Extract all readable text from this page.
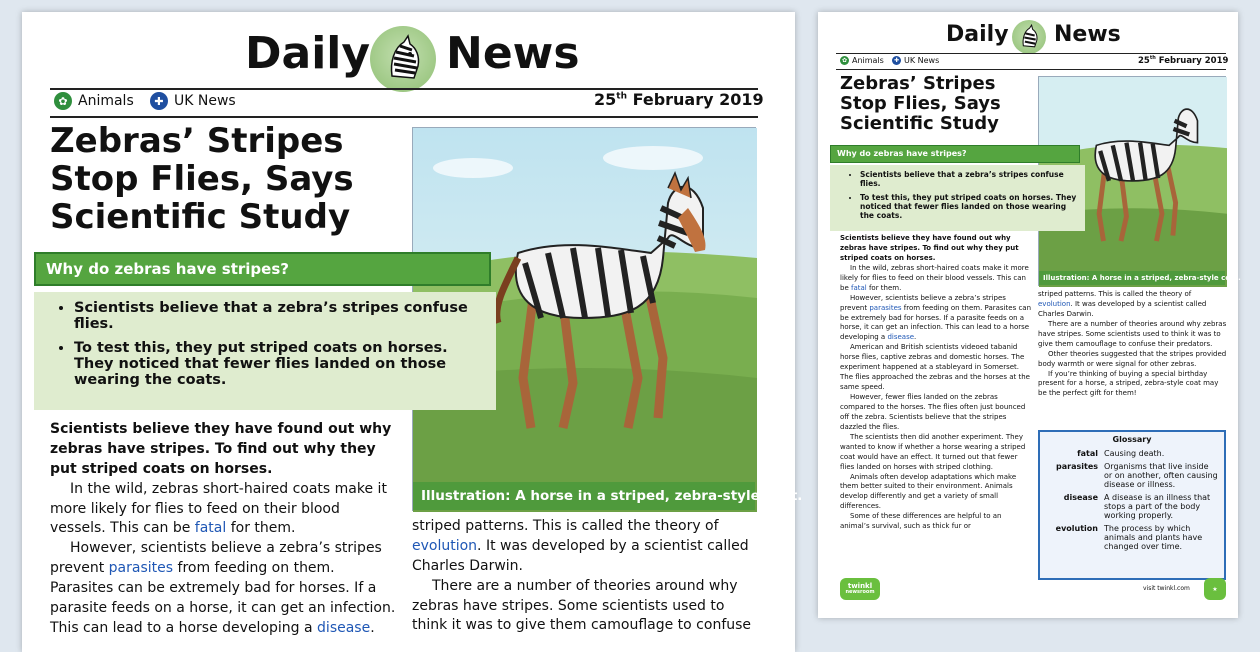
Daily News
✿ Animals	✚ UK News	25th February 2019
Zebras’ Stripes
Stop Flies, Says
Scientific Study
Illustration: A horse in a striped, zebra-style coat.
Why do zebras have stripes?
• Scientists believe that a zebra’s stripes confuse flies.
• To test this, they put striped coats on horses. They noticed that fewer flies landed on those wearing the coats.

Scientists believe they have found out why zebras have stripes. To find out why they put striped coats on horses.

In the wild, zebras short-haired coats make it more likely for flies to feed on their blood vessels. This can be fatal for them.

However, scientists believe a zebra’s stripes prevent parasites from feeding on them. Parasites can be extremely bad for horses. If a parasite feeds on a horse, it can get an infection. This can lead to a horse developing a disease.

striped patterns. This is called the theory of evolution. It was developed by a scientist called Charles Darwin.

There are a number of theories around why zebras have stripes. Some scientists used to think it was to give them camouflage to confuse

Daily News
✿ Animals	✚ UK News	25th February 2019
Zebras’ Stripes
Stop Flies, Says
Scientific Study
Illustration: A horse in a striped, zebra-style coat.
Why do zebras have stripes?
• Scientists believe that a zebra’s stripes confuse flies.
• To test this, they put striped coats on horses. They noticed that fewer flies landed on those wearing the coats.

Scientists believe they have found out why zebras have stripes. To find out why they put striped coats on horses.

In the wild, zebras short-haired coats make it more likely for flies to feed on their blood vessels. This can be fatal for them.

However, scientists believe a zebra’s stripes prevent parasites from feeding on them. Parasites can be extremely bad for horses. If a parasite feeds on a horse, it can get an infection. This can lead to a horse developing a disease.

American and British scientists videoed tabanid horse flies, captive zebras and domestic horses. The experiment happened at a stableyard in Somerset. The flies approached the zebras and the horses at the same speed.

However, fewer flies landed on the zebras compared to the horses. The flies often just bounced off the zebra. Scientists believe that the stripes dazzled the flies.

The scientists then did another experiment. They wanted to know if whether a horse wearing a striped coat would have an effect. It turned out that fewer flies landed on horses with striped clothing.

Animals often develop adaptations which make them better suited to their environment. Animals develop differently and get a variety of small differences.

Some of these differences are helpful to an animal’s survival, such as thick fur or

striped patterns. This is called the theory of evolution. It was developed by a scientist called Charles Darwin.

There are a number of theories around why zebras have stripes. Some scientists used to think it was to give them camouflage to confuse their predators.

Other theories suggested that the stripes provided body warmth or were signal for other zebras.

If you’re thinking of buying a special birthday present for a horse, a striped, zebra-style coat may be the perfect gift for them!

Glossary
fatal	Causing death.
parasites	Organisms that live inside or on another, often causing disease or illness.
disease	A disease is an illness that stops a part of the body working properly.
evolution	The process by which animals and plants have changed over time.
twinkl
newsroom	visit twinkl.com	★
